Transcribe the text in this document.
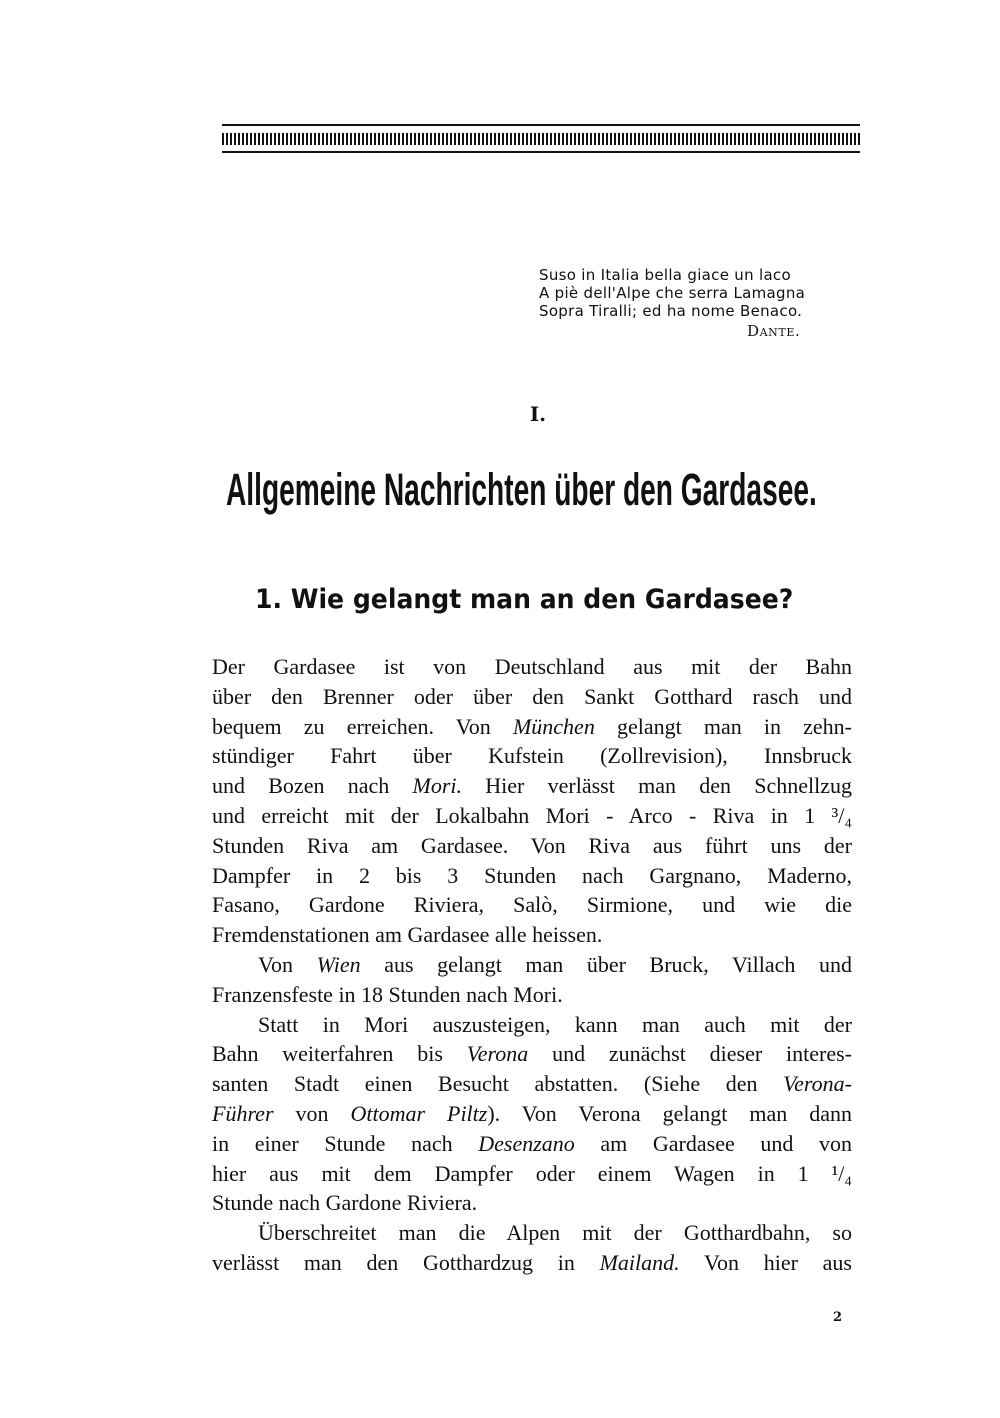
Suso in Italia bella giace un laco
A piè dell'Alpe che serra Lamagna
Sopra Tiralli; ed ha nome Benaco.
Dante.
I.
Allgemeine Nachrichten über den Gardasee.
1. Wie gelangt man an den Gardasee?
Der Gardasee ist von Deutschland aus mit der Bahn
über den Brenner oder über den Sankt Gotthard rasch und
bequem zu erreichen. Von München gelangt man in zehn-
stündiger Fahrt über Kufstein (Zollrevision), Innsbruck
und Bozen nach Mori. Hier verlässt man den Schnellzug
und erreicht mit der Lokalbahn Mori - Arco - Riva in 1 ³/₄
Stunden Riva am Gardasee. Von Riva aus führt uns der
Dampfer in 2 bis 3 Stunden nach Gargnano, Maderno,
Fasano, Gardone Riviera, Salò, Sirmione, und wie die
Fremdenstationen am Gardasee alle heissen.
Von Wien aus gelangt man über Bruck, Villach und
Franzensfeste in 18 Stunden nach Mori.
Statt in Mori auszusteigen, kann man auch mit der
Bahn weiterfahren bis Verona und zunächst dieser interes-
santen Stadt einen Besucht abstatten. (Siehe den Verona-
Führer von Ottomar Piltz). Von Verona gelangt man dann
in einer Stunde nach Desenzano am Gardasee und von
hier aus mit dem Dampfer oder einem Wagen in 1 ¹/₄
Stunde nach Gardone Riviera.
Überschreitet man die Alpen mit der Gotthardbahn, so
verlässt man den Gotthardzug in Mailand. Von hier aus
2
